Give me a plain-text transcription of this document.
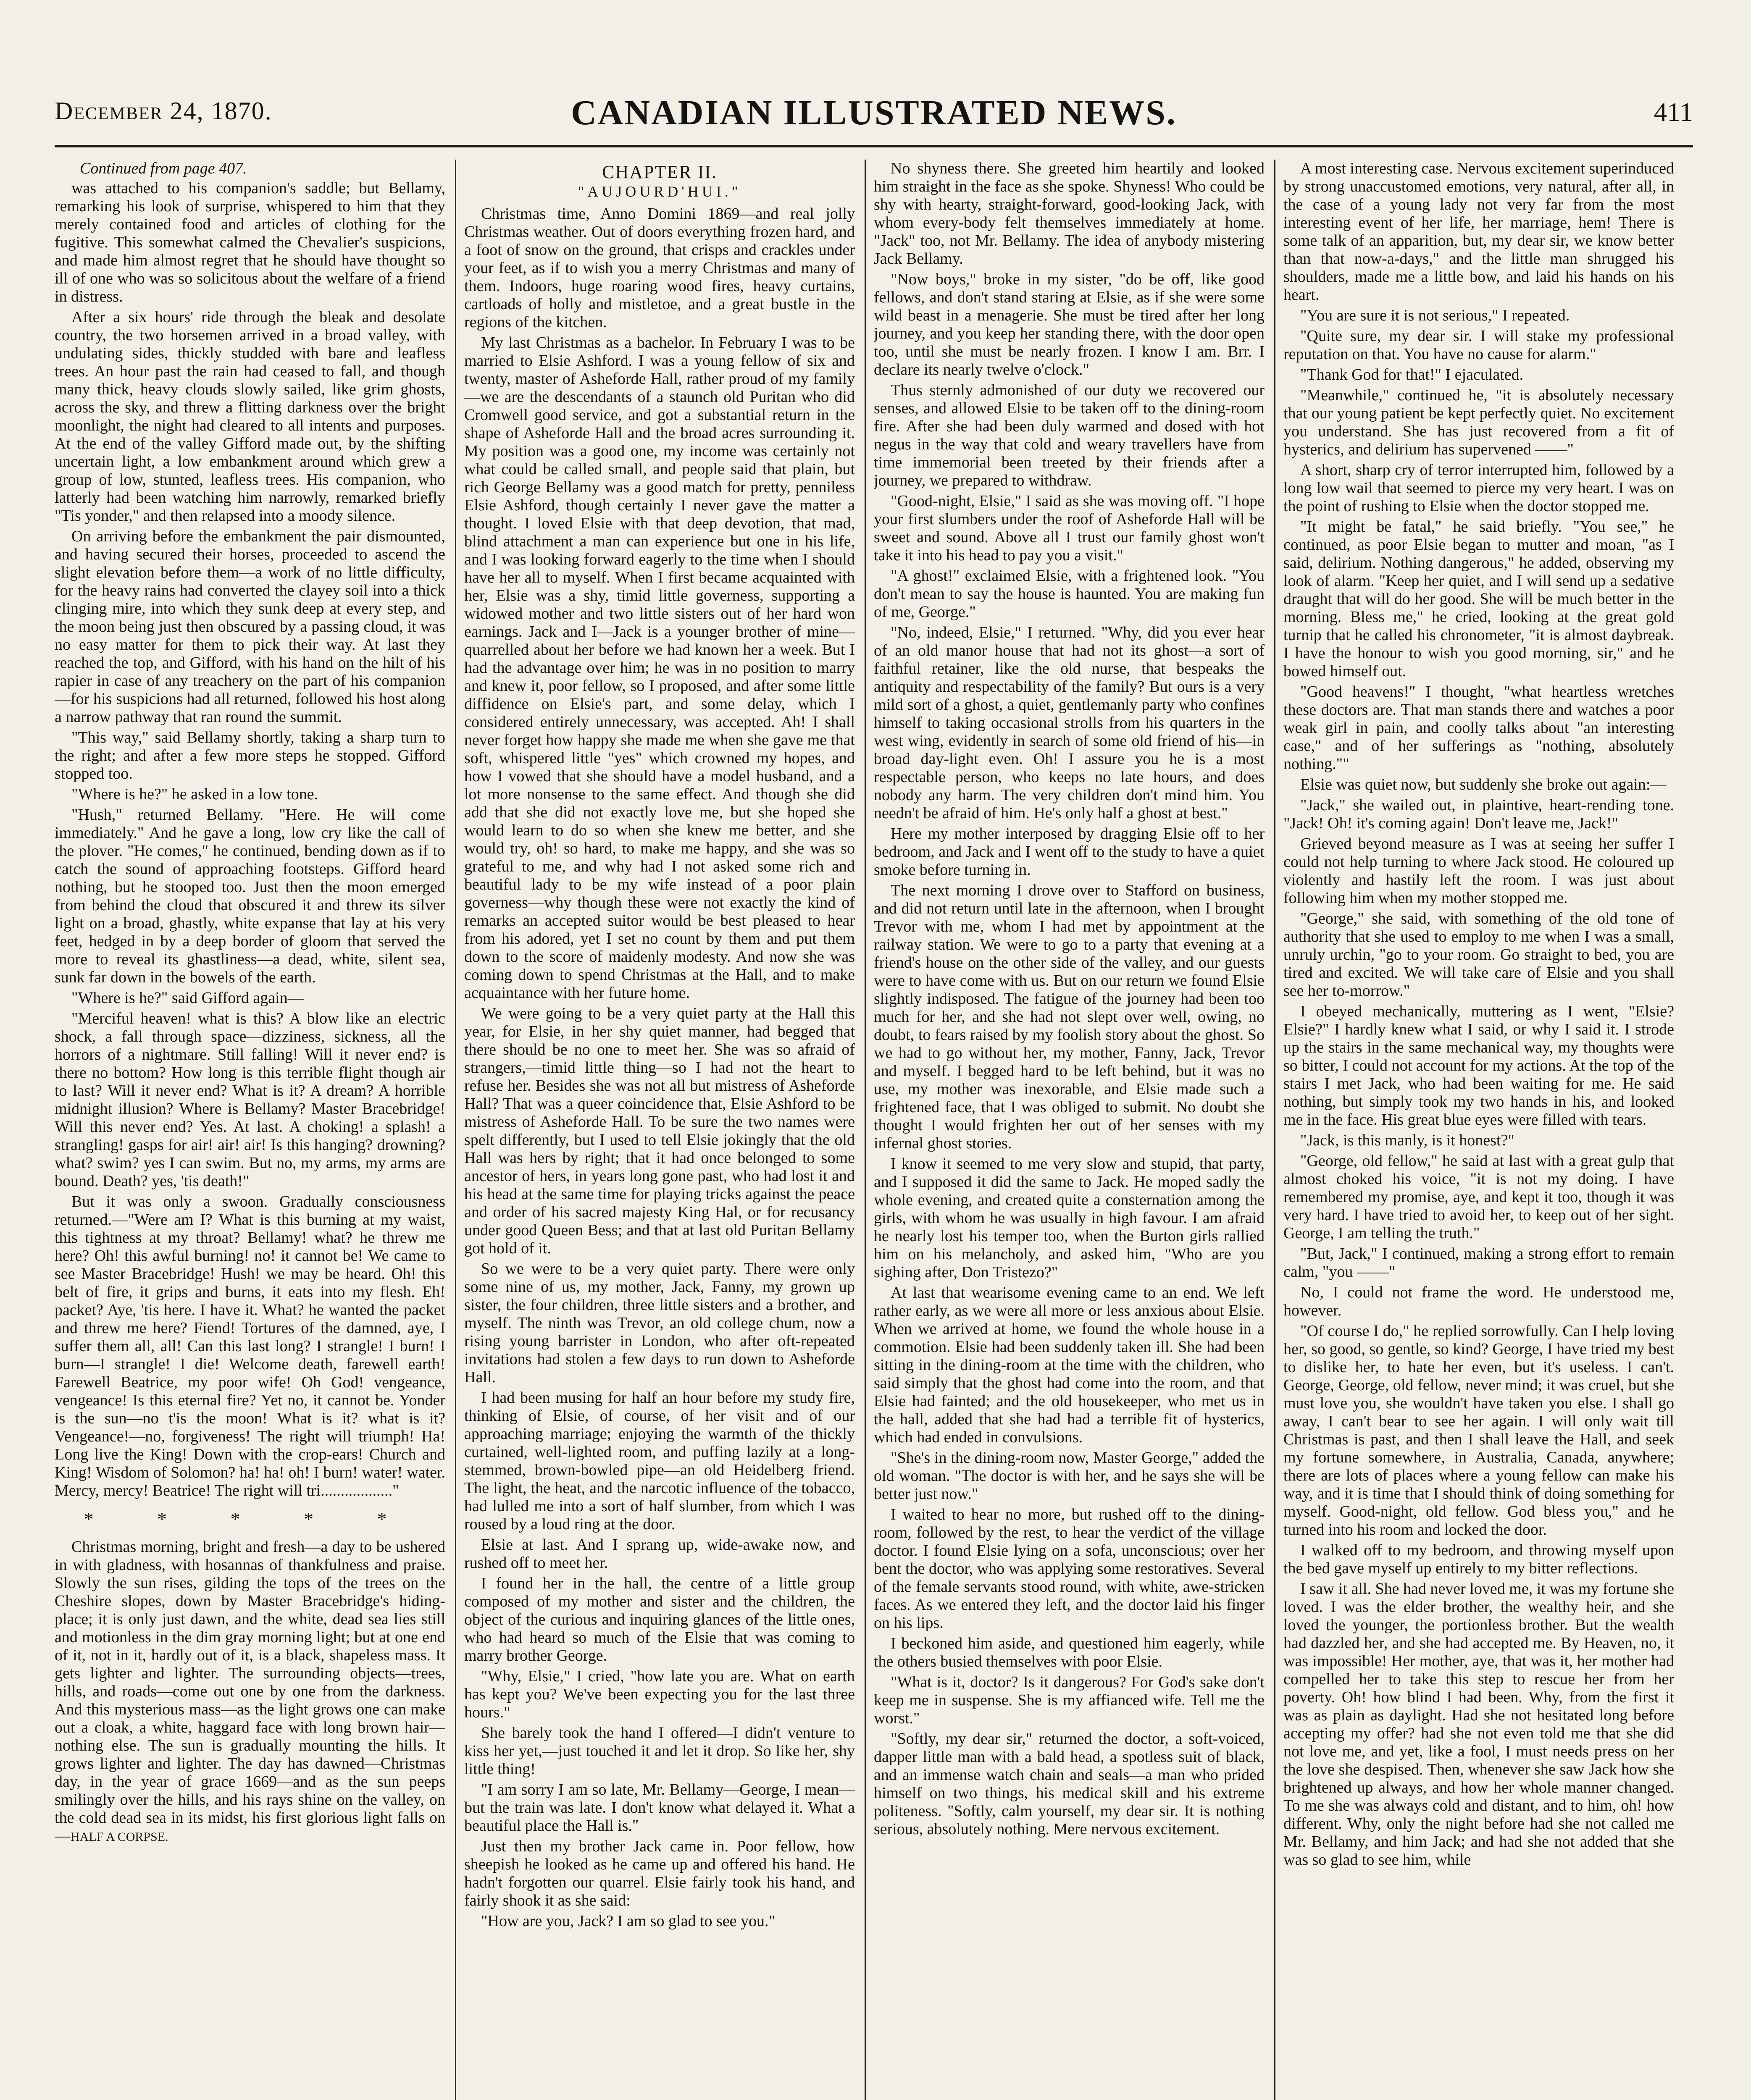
December 24, 1870.	CANADIAN ILLUSTRATED NEWS.	411

Continued from page 407.

was attached to his companion's saddle; but Bellamy, remarking his look of surprise, whispered to him that they merely contained food and articles of clothing for the fugitive. This somewhat calmed the Chevalier's suspicions, and made him almost regret that he should have thought so ill of one who was so solicitous about the welfare of a friend in distress.

After a six hours' ride through the bleak and desolate country, the two horsemen arrived in a broad valley, with undulating sides, thickly studded with bare and leafless trees. An hour past the rain had ceased to fall, and though many thick, heavy clouds slowly sailed, like grim ghosts, across the sky, and threw a flitting darkness over the bright moonlight, the night had cleared to all intents and purposes. At the end of the valley Gifford made out, by the shifting uncertain light, a low embankment around which grew a group of low, stunted, leafless trees. His companion, who latterly had been watching him narrowly, remarked briefly "Tis yonder," and then relapsed into a moody silence.

On arriving before the embankment the pair dismounted, and having secured their horses, proceeded to ascend the slight elevation before them—a work of no little difficulty, for the heavy rains had converted the clayey soil into a thick clinging mire, into which they sunk deep at every step, and the moon being just then obscured by a passing cloud, it was no easy matter for them to pick their way. At last they reached the top, and Gifford, with his hand on the hilt of his rapier in case of any treachery on the part of his companion—for his suspicions had all returned, followed his host along a narrow pathway that ran round the summit.

"This way," said Bellamy shortly, taking a sharp turn to the right; and after a few more steps he stopped. Gifford stopped too.

"Where is he?" he asked in a low tone.

"Hush," returned Bellamy. "Here. He will come immediately." And he gave a long, low cry like the call of the plover. "He comes," he continued, bending down as if to catch the sound of approaching footsteps. Gifford heard nothing, but he stooped too. Just then the moon emerged from behind the cloud that obscured it and threw its silver light on a broad, ghastly, white expanse that lay at his very feet, hedged in by a deep border of gloom that served the more to reveal its ghastliness—a dead, white, silent sea, sunk far down in the bowels of the earth.

"Where is he?" said Gifford again—

"Merciful heaven! what is this? A blow like an electric shock, a fall through space—dizziness, sickness, all the horrors of a nightmare. Still falling! Will it never end? is there no bottom? How long is this terrible flight though air to last? Will it never end? What is it? A dream? A horrible midnight illusion? Where is Bellamy? Master Bracebridge! Will this never end? Yes. At last. A choking! a splash! a strangling! gasps for air! air! air! Is this hanging? drowning? what? swim? yes I can swim. But no, my arms, my arms are bound. Death? yes, 'tis death!"

But it was only a swoon. Gradually consciousness returned.—"Were am I? What is this burning at my waist, this tightness at my throat? Bellamy! what? he threw me here? Oh! this awful burning! no! it cannot be! We came to see Master Bracebridge! Hush! we may be heard. Oh! this belt of fire, it grips and burns, it eats into my flesh. Eh! packet? Aye, 'tis here. I have it. What? he wanted the packet and threw me here? Fiend! Tortures of the damned, aye, I suffer them all, all! Can this last long? I strangle! I burn! I burn—I strangle! I die! Welcome death, farewell earth! Farewell Beatrice, my poor wife! Oh God! vengeance, vengeance! Is this eternal fire? Yet no, it cannot be. Yonder is the sun—no t'is the moon! What is it? what is it? Vengeance!—no, forgiveness! The right will triumph! Ha! Long live the King! Down with the crop-ears! Church and King! Wisdom of Solomon? ha! ha! oh! I burn! water! water. Mercy, mercy! Beatrice! The right will tri.................."

* * * * *

Christmas morning, bright and fresh—a day to be ushered in with gladness, with hosannas of thankfulness and praise. Slowly the sun rises, gilding the tops of the trees on the Cheshire slopes, down by Master Bracebridge's hiding-place; it is only just dawn, and the white, dead sea lies still and motionless in the dim gray morning light; but at one end of it, not in it, hardly out of it, is a black, shapeless mass. It gets lighter and lighter. The surrounding objects—trees, hills, and roads—come out one by one from the darkness. And this mysterious mass—as the light grows one can make out a cloak, a white, haggard face with long brown hair—nothing else. The sun is gradually mounting the hills. It grows lighter and lighter. The day has dawned—Christmas day, in the year of grace 1669—and as the sun peeps smilingly over the hills, and his rays shine on the valley, on the cold dead sea in its midst, his first glorious light falls on—HALF A CORPSE.

CHAPTER II.
"AUJOURD'HUI."

Christmas time, Anno Domini 1869—and real jolly Christmas weather. Out of doors everything frozen hard, and a foot of snow on the ground, that crisps and crackles under your feet, as if to wish you a merry Christmas and many of them. Indoors, huge roaring wood fires, heavy curtains, cartloads of holly and mistletoe, and a great bustle in the regions of the kitchen.

My last Christmas as a bachelor. In February I was to be married to Elsie Ashford. I was a young fellow of six and twenty, master of Asheforde Hall, rather proud of my family—we are the descendants of a staunch old Puritan who did Cromwell good service, and got a substantial return in the shape of Asheforde Hall and the broad acres surrounding it. My position was a good one, my income was certainly not what could be called small, and people said that plain, but rich George Bellamy was a good match for pretty, penniless Elsie Ashford, though certainly I never gave the matter a thought. I loved Elsie with that deep devotion, that mad, blind attachment a man can experience but one in his life, and I was looking forward eagerly to the time when I should have her all to myself. When I first became acquainted with her, Elsie was a shy, timid little governess, supporting a widowed mother and two little sisters out of her hard won earnings. Jack and I—Jack is a younger brother of mine—quarrelled about her before we had known her a week. But I had the advantage over him; he was in no position to marry and knew it, poor fellow, so I proposed, and after some little diffidence on Elsie's part, and some delay, which I considered entirely unnecessary, was accepted. Ah! I shall never forget how happy she made me when she gave me that soft, whispered little "yes" which crowned my hopes, and how I vowed that she should have a model husband, and a lot more nonsense to the same effect. And though she did add that she did not exactly love me, but she hoped she would learn to do so when she knew me better, and she would try, oh! so hard, to make me happy, and she was so grateful to me, and why had I not asked some rich and beautiful lady to be my wife instead of a poor plain governess—why though these were not exactly the kind of remarks an accepted suitor would be best pleased to hear from his adored, yet I set no count by them and put them down to the score of maidenly modesty. And now she was coming down to spend Christmas at the Hall, and to make acquaintance with her future home.

We were going to be a very quiet party at the Hall this year, for Elsie, in her shy quiet manner, had begged that there should be no one to meet her. She was so afraid of strangers,—timid little thing—so I had not the heart to refuse her. Besides she was not all but mistress of Asheforde Hall? That was a queer coincidence that, Elsie Ashford to be mistress of Asheforde Hall. To be sure the two names were spelt differently, but I used to tell Elsie jokingly that the old Hall was hers by right; that it had once belonged to some ancestor of hers, in years long gone past, who had lost it and his head at the same time for playing tricks against the peace and order of his sacred majesty King Hal, or for recusancy under good Queen Bess; and that at last old Puritan Bellamy got hold of it.

So we were to be a very quiet party. There were only some nine of us, my mother, Jack, Fanny, my grown up sister, the four children, three little sisters and a brother, and myself. The ninth was Trevor, an old college chum, now a rising young barrister in London, who after oft-repeated invitations had stolen a few days to run down to Asheforde Hall.

I had been musing for half an hour before my study fire, thinking of Elsie, of course, of her visit and of our approaching marriage; enjoying the warmth of the thickly curtained, well-lighted room, and puffing lazily at a long-stemmed, brown-bowled pipe—an old Heidelberg friend. The light, the heat, and the narcotic influence of the tobacco, had lulled me into a sort of half slumber, from which I was roused by a loud ring at the door.

Elsie at last. And I sprang up, wide-awake now, and rushed off to meet her.

I found her in the hall, the centre of a little group composed of my mother and sister and the children, the object of the curious and inquiring glances of the little ones, who had heard so much of the Elsie that was coming to marry brother George.

"Why, Elsie," I cried, "how late you are. What on earth has kept you? We've been expecting you for the last three hours."

She barely took the hand I offered—I didn't venture to kiss her yet,—just touched it and let it drop. So like her, shy little thing!

"I am sorry I am so late, Mr. Bellamy—George, I mean—but the train was late. I don't know what delayed it. What a beautiful place the Hall is."

Just then my brother Jack came in. Poor fellow, how sheepish he looked as he came up and offered his hand. He hadn't forgotten our quarrel. Elsie fairly took his hand, and fairly shook it as she said:

"How are you, Jack? I am so glad to see you."

No shyness there. She greeted him heartily and looked him straight in the face as she spoke. Shyness! Who could be shy with hearty, straight-forward, good-looking Jack, with whom every-body felt themselves immediately at home. "Jack" too, not Mr. Bellamy. The idea of anybody mistering Jack Bellamy.

"Now boys," broke in my sister, "do be off, like good fellows, and don't stand staring at Elsie, as if she were some wild beast in a menagerie. She must be tired after her long journey, and you keep her standing there, with the door open too, until she must be nearly frozen. I know I am. Brr. I declare its nearly twelve o'clock."

Thus sternly admonished of our duty we recovered our senses, and allowed Elsie to be taken off to the dining-room fire. After she had been duly warmed and dosed with hot negus in the way that cold and weary travellers have from time immemorial been treeted by their friends after a journey, we prepared to withdraw.

"Good-night, Elsie," I said as she was moving off. "I hope your first slumbers under the roof of Asheforde Hall will be sweet and sound. Above all I trust our family ghost won't take it into his head to pay you a visit."

"A ghost!" exclaimed Elsie, with a frightened look. "You don't mean to say the house is haunted. You are making fun of me, George."

"No, indeed, Elsie," I returned. "Why, did you ever hear of an old manor house that had not its ghost—a sort of faithful retainer, like the old nurse, that bespeaks the antiquity and respectability of the family? But ours is a very mild sort of a ghost, a quiet, gentlemanly party who confines himself to taking occasional strolls from his quarters in the west wing, evidently in search of some old friend of his—in broad day-light even. Oh! I assure you he is a most respectable person, who keeps no late hours, and does nobody any harm. The very children don't mind him. You needn't be afraid of him. He's only half a ghost at best."

Here my mother interposed by dragging Elsie off to her bedroom, and Jack and I went off to the study to have a quiet smoke before turning in.

The next morning I drove over to Stafford on business, and did not return until late in the afternoon, when I brought Trevor with me, whom I had met by appointment at the railway station. We were to go to a party that evening at a friend's house on the other side of the valley, and our guests were to have come with us. But on our return we found Elsie slightly indisposed. The fatigue of the journey had been too much for her, and she had not slept over well, owing, no doubt, to fears raised by my foolish story about the ghost. So we had to go without her, my mother, Fanny, Jack, Trevor and myself. I begged hard to be left behind, but it was no use, my mother was inexorable, and Elsie made such a frightened face, that I was obliged to submit. No doubt she thought I would frighten her out of her senses with my infernal ghost stories.

I know it seemed to me very slow and stupid, that party, and I supposed it did the same to Jack. He moped sadly the whole evening, and created quite a consternation among the girls, with whom he was usually in high favour. I am afraid he nearly lost his temper too, when the Burton girls rallied him on his melancholy, and asked him, "Who are you sighing after, Don Tristezo?"

At last that wearisome evening came to an end. We left rather early, as we were all more or less anxious about Elsie. When we arrived at home, we found the whole house in a commotion. Elsie had been suddenly taken ill. She had been sitting in the dining-room at the time with the children, who said simply that the ghost had come into the room, and that Elsie had fainted; and the old housekeeper, who met us in the hall, added that she had had a terrible fit of hysterics, which had ended in convulsions.

"She's in the dining-room now, Master George," added the old woman. "The doctor is with her, and he says she will be better just now."

I waited to hear no more, but rushed off to the dining-room, followed by the rest, to hear the verdict of the village doctor. I found Elsie lying on a sofa, unconscious; over her bent the doctor, who was applying some restoratives. Several of the female servants stood round, with white, awe-stricken faces. As we entered they left, and the doctor laid his finger on his lips.

I beckoned him aside, and questioned him eagerly, while the others busied themselves with poor Elsie.

"What is it, doctor? Is it dangerous? For God's sake don't keep me in suspense. She is my affianced wife. Tell me the worst."

"Softly, my dear sir," returned the doctor, a soft-voiced, dapper little man with a bald head, a spotless suit of black, and an immense watch chain and seals—a man who prided himself on two things, his medical skill and his extreme politeness. "Softly, calm yourself, my dear sir. It is nothing serious, absolutely nothing. Mere nervous excitement.

A most interesting case. Nervous excitement superinduced by strong unaccustomed emotions, very natural, after all, in the case of a young lady not very far from the most interesting event of her life, her marriage, hem! There is some talk of an apparition, but, my dear sir, we know better than that now-a-days," and the little man shrugged his shoulders, made me a little bow, and laid his hands on his heart.

"You are sure it is not serious," I repeated.

"Quite sure, my dear sir. I will stake my professional reputation on that. You have no cause for alarm."

"Thank God for that!" I ejaculated.

"Meanwhile," continued he, "it is absolutely necessary that our young patient be kept perfectly quiet. No excitement you understand. She has just recovered from a fit of hysterics, and delirium has supervened ——"

A short, sharp cry of terror interrupted him, followed by a long low wail that seemed to pierce my very heart. I was on the point of rushing to Elsie when the doctor stopped me.

"It might be fatal," he said briefly. "You see," he continued, as poor Elsie began to mutter and moan, "as I said, delirium. Nothing dangerous," he added, observing my look of alarm. "Keep her quiet, and I will send up a sedative draught that will do her good. She will be much better in the morning. Bless me," he cried, looking at the great gold turnip that he called his chronometer, "it is almost daybreak. I have the honour to wish you good morning, sir," and he bowed himself out.

"Good heavens!" I thought, "what heartless wretches these doctors are. That man stands there and watches a poor weak girl in pain, and coolly talks about "an interesting case," and of her sufferings as "nothing, absolutely nothing.""

Elsie was quiet now, but suddenly she broke out again:—

"Jack," she wailed out, in plaintive, heart-rending tone. "Jack! Oh! it's coming again! Don't leave me, Jack!"

Grieved beyond measure as I was at seeing her suffer I could not help turning to where Jack stood. He coloured up violently and hastily left the room. I was just about following him when my mother stopped me.

"George," she said, with something of the old tone of authority that she used to employ to me when I was a small, unruly urchin, "go to your room. Go straight to bed, you are tired and excited. We will take care of Elsie and you shall see her to-morrow."

I obeyed mechanically, muttering as I went, "Elsie? Elsie?" I hardly knew what I said, or why I said it. I strode up the stairs in the same mechanical way, my thoughts were so bitter, I could not account for my actions. At the top of the stairs I met Jack, who had been waiting for me. He said nothing, but simply took my two hands in his, and looked me in the face. His great blue eyes were filled with tears.

"Jack, is this manly, is it honest?"

"George, old fellow," he said at last with a great gulp that almost choked his voice, "it is not my doing. I have remembered my promise, aye, and kept it too, though it was very hard. I have tried to avoid her, to keep out of her sight. George, I am telling the truth."

"But, Jack," I continued, making a strong effort to remain calm, "you ——"

No, I could not frame the word. He understood me, however.

"Of course I do," he replied sorrowfully. Can I help loving her, so good, so gentle, so kind? George, I have tried my best to dislike her, to hate her even, but it's useless. I can't. George, George, old fellow, never mind; it was cruel, but she must love you, she wouldn't have taken you else. I shall go away, I can't bear to see her again. I will only wait till Christmas is past, and then I shall leave the Hall, and seek my fortune somewhere, in Australia, Canada, anywhere; there are lots of places where a young fellow can make his way, and it is time that I should think of doing something for myself. Good-night, old fellow. God bless you," and he turned into his room and locked the door.

I walked off to my bedroom, and throwing myself upon the bed gave myself up entirely to my bitter reflections.

I saw it all. She had never loved me, it was my fortune she loved. I was the elder brother, the wealthy heir, and she loved the younger, the portionless brother. But the wealth had dazzled her, and she had accepted me. By Heaven, no, it was impossible! Her mother, aye, that was it, her mother had compelled her to take this step to rescue her from her poverty. Oh! how blind I had been. Why, from the first it was as plain as daylight. Had she not hesitated long before accepting my offer? had she not even told me that she did not love me, and yet, like a fool, I must needs press on her the love she despised. Then, whenever she saw Jack how she brightened up always, and how her whole manner changed. To me she was always cold and distant, and to him, oh! how different. Why, only the night before had she not called me Mr. Bellamy, and him Jack; and had she not added that she was so glad to see him, while
